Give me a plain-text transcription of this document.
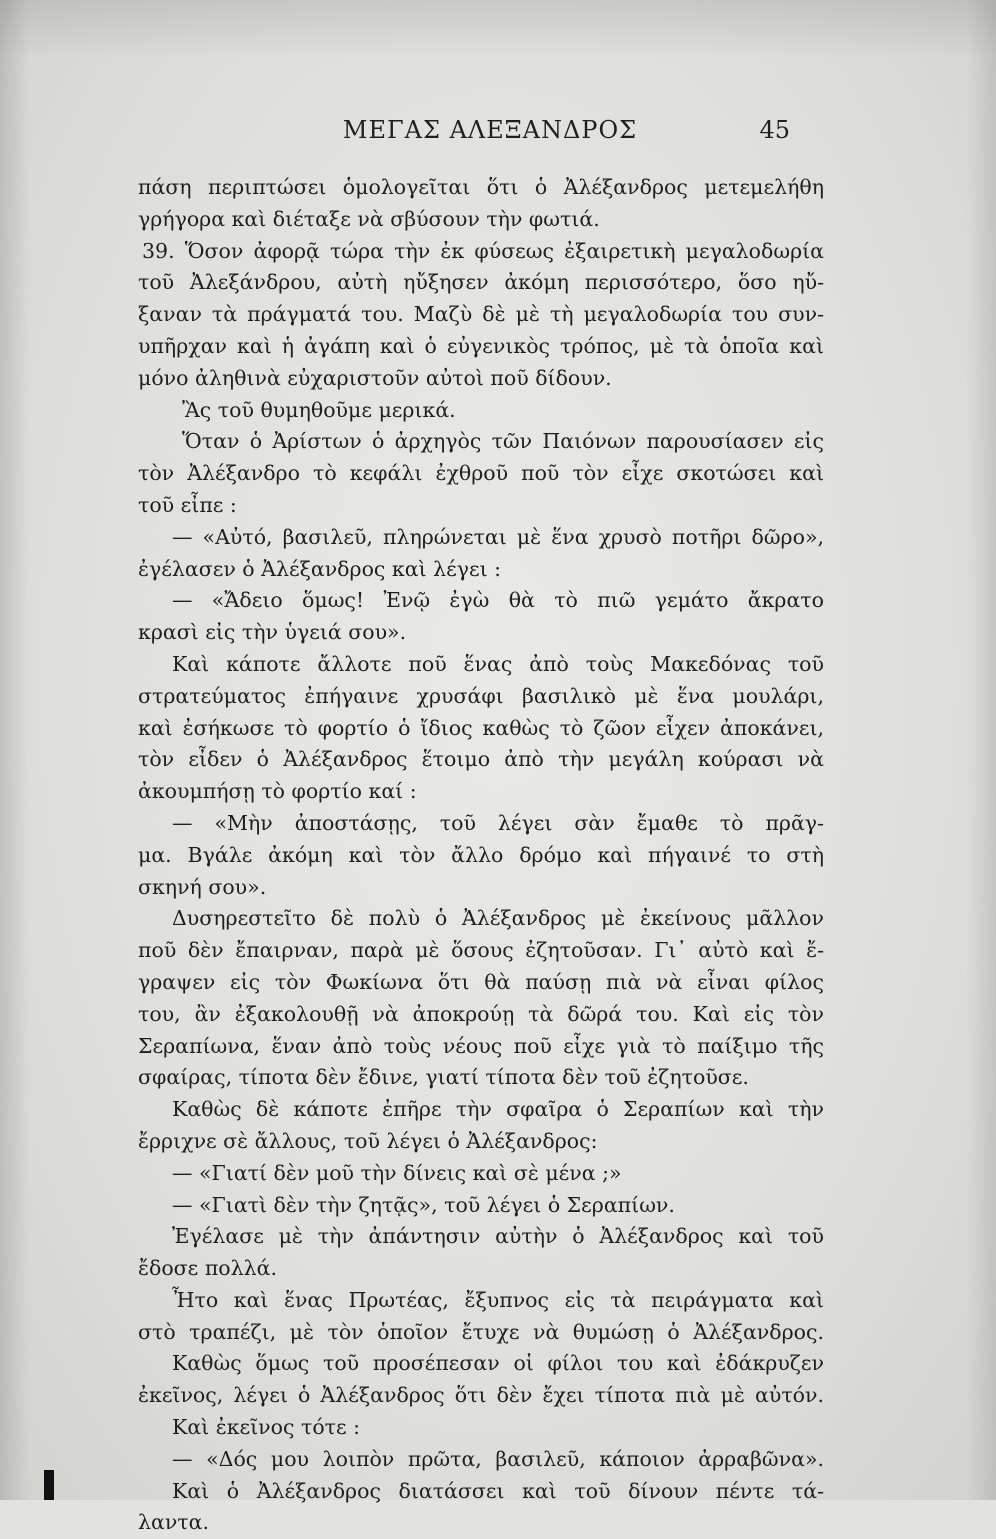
ΜΕΓΑΣ ΑΛΕΞΑΝΔΡΟΣ	45
πάση περιπτώσει ὁμολογεῖται ὅτι ὁ Ἀλέξανδρος μετεμελήθη
γρήγορα καὶ διέταξε νὰ σβύσουν τὴν φωτιά.
39. Ὅσον ἀφορᾷ τώρα τὴν ἐκ φύσεως ἐξαιρετικὴ μεγαλοδωρία
τοῦ Ἀλεξάνδρου, αὐτὴ ηὔξησεν ἀκόμη περισσότερο, ὅσο ηὔ-
ξαναν τὰ πράγματά του. Μαζὺ δὲ μὲ τὴ μεγαλοδωρία του συν-
υπῆρχαν καὶ ἡ ἀγάπη καὶ ὁ εὐγενικὸς τρόπος, μὲ τὰ ὁποῖα καὶ
μόνο ἀληθινὰ εὐχαριστοῦν αὐτοὶ ποῦ δίδουν.
Ἂς τοῦ θυμηθοῦμε μερικά.
Ὅταν ὁ Ἀρίστων ὁ ἀρχηγὸς τῶν Παιόνων παρουσίασεν εἰς
τὸν Ἀλέξανδρο τὸ κεφάλι ἐχθροῦ ποῦ τὸν εἶχε σκοτώσει καὶ
τοῦ εἶπε :
— «Αὐτό, βασιλεῦ, πληρώνεται μὲ ἕνα χρυσὸ ποτῆρι δῶρο»,
ἐγέλασεν ὁ Ἀλέξανδρος καὶ λέγει :
— «Ἄδειο ὅμως! Ἐνῷ ἐγὼ θὰ τὸ πιῶ γεμάτο ἄκρατο
κρασὶ εἰς τὴν ὑγειά σου».
Καὶ κάποτε ἄλλοτε ποῦ ἕνας ἀπὸ τοὺς Μακεδόνας τοῦ
στρατεύματος ἐπήγαινε χρυσάφι βασιλικὸ μὲ ἕνα μουλάρι,
καὶ ἐσήκωσε τὸ φορτίο ὁ ἴδιος καθὼς τὸ ζῶον εἶχεν ἀποκάνει,
τὸν εἶδεν ὁ Ἀλέξανδρος ἕτοιμο ἀπὸ τὴν μεγάλη κούρασι νὰ
ἀκουμπήσῃ τὸ φορτίο καί :
— «Μὴν ἀποστάσῃς, τοῦ λέγει σὰν ἔμαθε τὸ πρᾶγ-
μα. Βγάλε ἀκόμη καὶ τὸν ἄλλο δρόμο καὶ πήγαινέ το στὴ
σκηνή σου».
Δυσηρεστεῖτο δὲ πολὺ ὁ Ἀλέξανδρος μὲ ἐκείνους μᾶλλον
ποῦ δὲν ἔπαιρναν, παρὰ μὲ ὅσους ἐζητοῦσαν. Γι᾿ αὐτὸ καὶ ἔ-
γραψεν εἰς τὸν Φωκίωνα ὅτι θὰ παύσῃ πιὰ νὰ εἶναι φίλος
του, ἂν ἐξακολουθῇ νὰ ἀποκρούῃ τὰ δῶρά του. Καὶ εἰς τὸν
Σεραπίωνα, ἕναν ἀπὸ τοὺς νέους ποῦ εἶχε γιὰ τὸ παίξιμο τῆς
σφαίρας, τίποτα δὲν ἔδινε, γιατί τίποτα δὲν τοῦ ἐζητοῦσε.
Καθὼς δὲ κάποτε ἐπῆρε τὴν σφαῖρα ὁ Σεραπίων καὶ τὴν
ἔρριχνε σὲ ἄλλους, τοῦ λέγει ὁ Ἀλέξανδρος:
— «Γιατί δὲν μοῦ τὴν δίνεις καὶ σὲ μένα ;»
— «Γιατὶ δὲν τὴν ζητᾷς», τοῦ λέγει ὁ Σεραπίων.
Ἐγέλασε μὲ τὴν ἀπάντησιν αὐτὴν ὁ Ἀλέξανδρος καὶ τοῦ
ἔδοσε πολλά.
Ἦτο καὶ ἕνας Πρωτέας, ἔξυπνος εἰς τὰ πειράγματα καὶ
στὸ τραπέζι, μὲ τὸν ὁποῖον ἔτυχε νὰ θυμώσῃ ὁ Ἀλέξανδρος.
Καθὼς ὅμως τοῦ προσέπεσαν οἱ φίλοι του καὶ ἐδάκρυζεν
ἐκεῖνος, λέγει ὁ Ἀλέξανδρος ὅτι δὲν ἔχει τίποτα πιὰ μὲ αὐτόν.
Καὶ ἐκεῖνος τότε :
— «Δός μου λοιπὸν πρῶτα, βασιλεῦ, κάποιον ἀρραβῶνα».
Καὶ ὁ Ἀλέξανδρος διατάσσει καὶ τοῦ δίνουν πέντε τά-
λαντα.
